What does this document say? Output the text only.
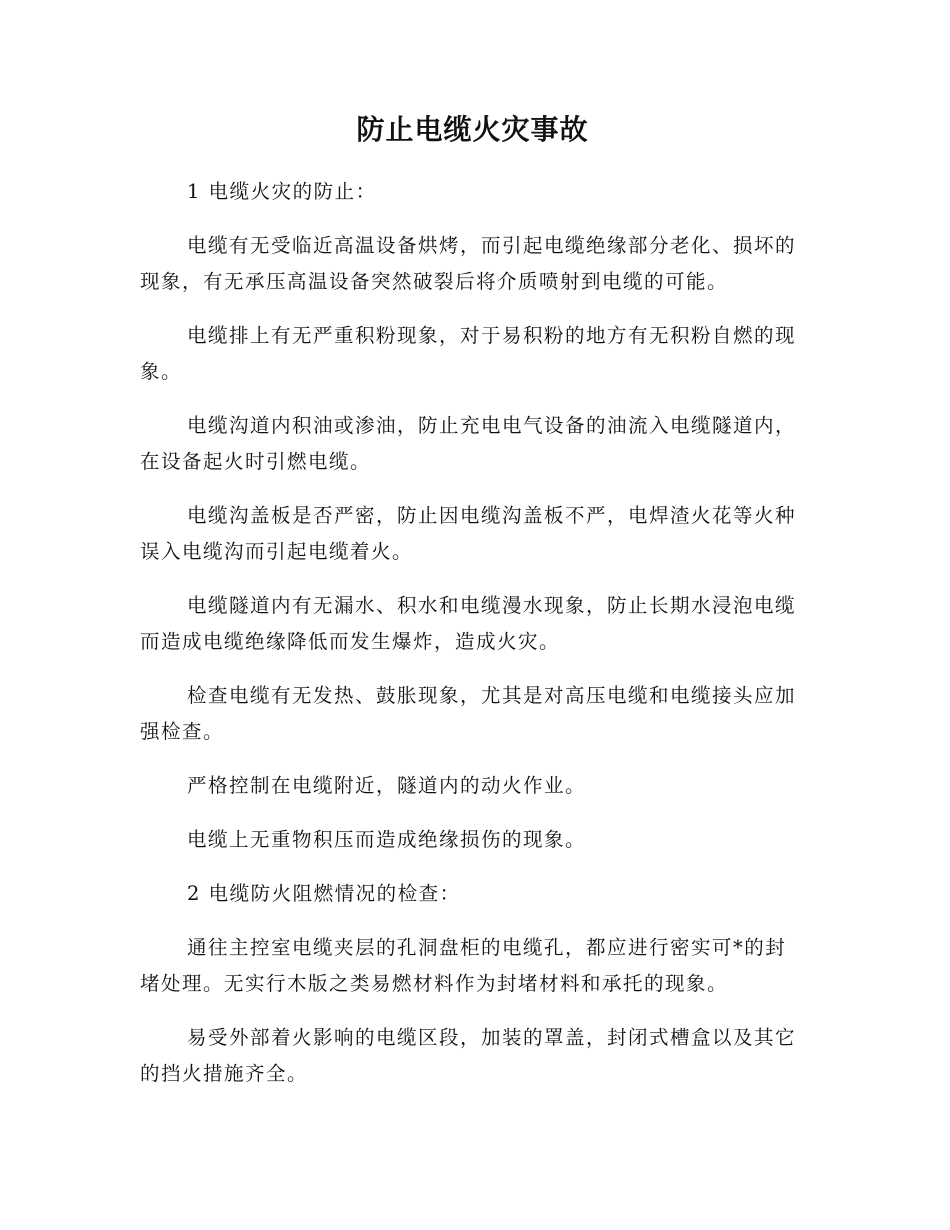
防止电缆火灾事故

1 电缆火灾的防止：

电缆有无受临近高温设备烘烤，而引起电缆绝缘部分老化、损坏的现象，有无承压高温设备突然破裂后将介质喷射到电缆的可能。

电缆排上有无严重积粉现象，对于易积粉的地方有无积粉自燃的现象。

电缆沟道内积油或渗油，防止充电电气设备的油流入电缆隧道内，在设备起火时引燃电缆。

电缆沟盖板是否严密，防止因电缆沟盖板不严，电焊渣火花等火种误入电缆沟而引起电缆着火。

电缆隧道内有无漏水、积水和电缆漫水现象，防止长期水浸泡电缆而造成电缆绝缘降低而发生爆炸，造成火灾。

检查电缆有无发热、鼓胀现象，尤其是对高压电缆和电缆接头应加强检查。

严格控制在电缆附近，隧道内的动火作业。

电缆上无重物积压而造成绝缘损伤的现象。

2 电缆防火阻燃情况的检查：

通往主控室电缆夹层的孔洞盘柜的电缆孔，都应进行密实可*的封堵处理。无实行木版之类易燃材料作为封堵材料和承托的现象。

易受外部着火影响的电缆区段，加装的罩盖，封闭式槽盒以及其它的挡火措施齐全。
